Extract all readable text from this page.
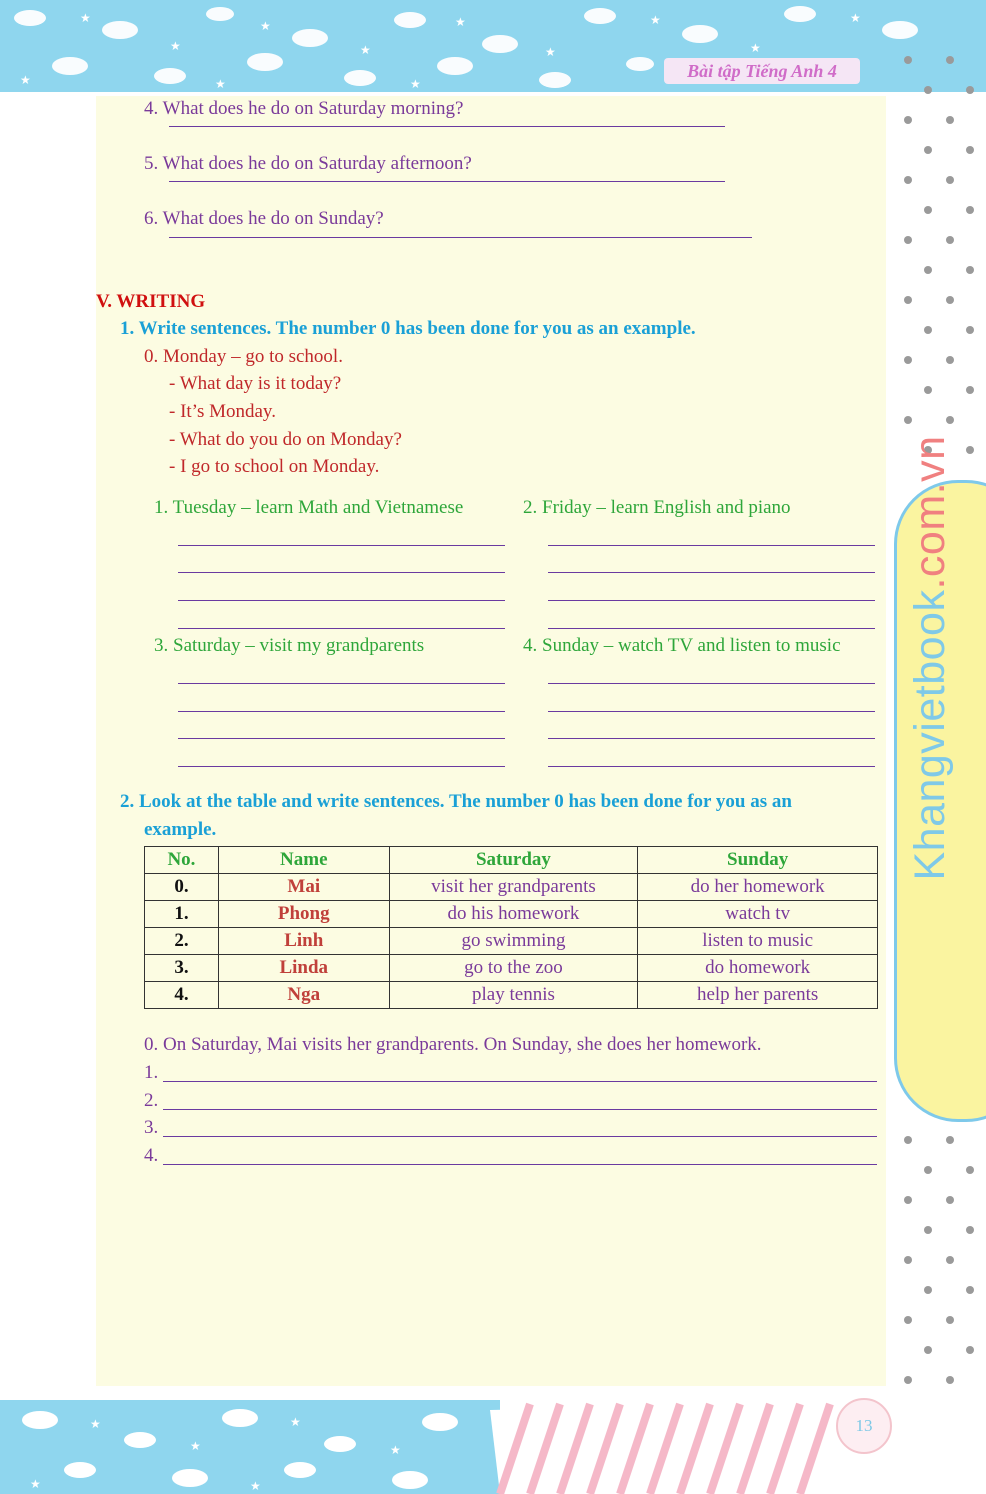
★
★
★
★
★
★
★
★
★
★	★	★
Bài tập Tiếng Anh 4
Khangvietbook.com.vn
★
★
★
★
★	★
13
4. What does he do on Saturday morning?
5. What does he do on Saturday afternoon?
6. What does he do on Sunday?
V. WRITING
1. Write sentences. The number 0 has been done for you as an example.
0. Monday – go to school.
- What day is it today?
- It’s Monday.
- What do you do on Monday?
- I go to school on Monday.
1. Tuesday – learn Math and Vietnamese	2. Friday – learn English and piano
3. Saturday – visit my grandparents	4. Sunday – watch TV and listen to music
2. Look at the table and write sentences. The number 0 has been done for you as an
example.
No.	Name	Saturday	Sunday
0.	Mai	visit her grandparents	do her homework
1.	Phong	do his homework	watch tv
2.	Linh	go swimming	listen to music
3.	Linda	go to the zoo	do homework
4.	Nga	play tennis	help her parents
0. On Saturday, Mai visits her grandparents. On Sunday, she does her homework.
1.
2.
3.
4.
